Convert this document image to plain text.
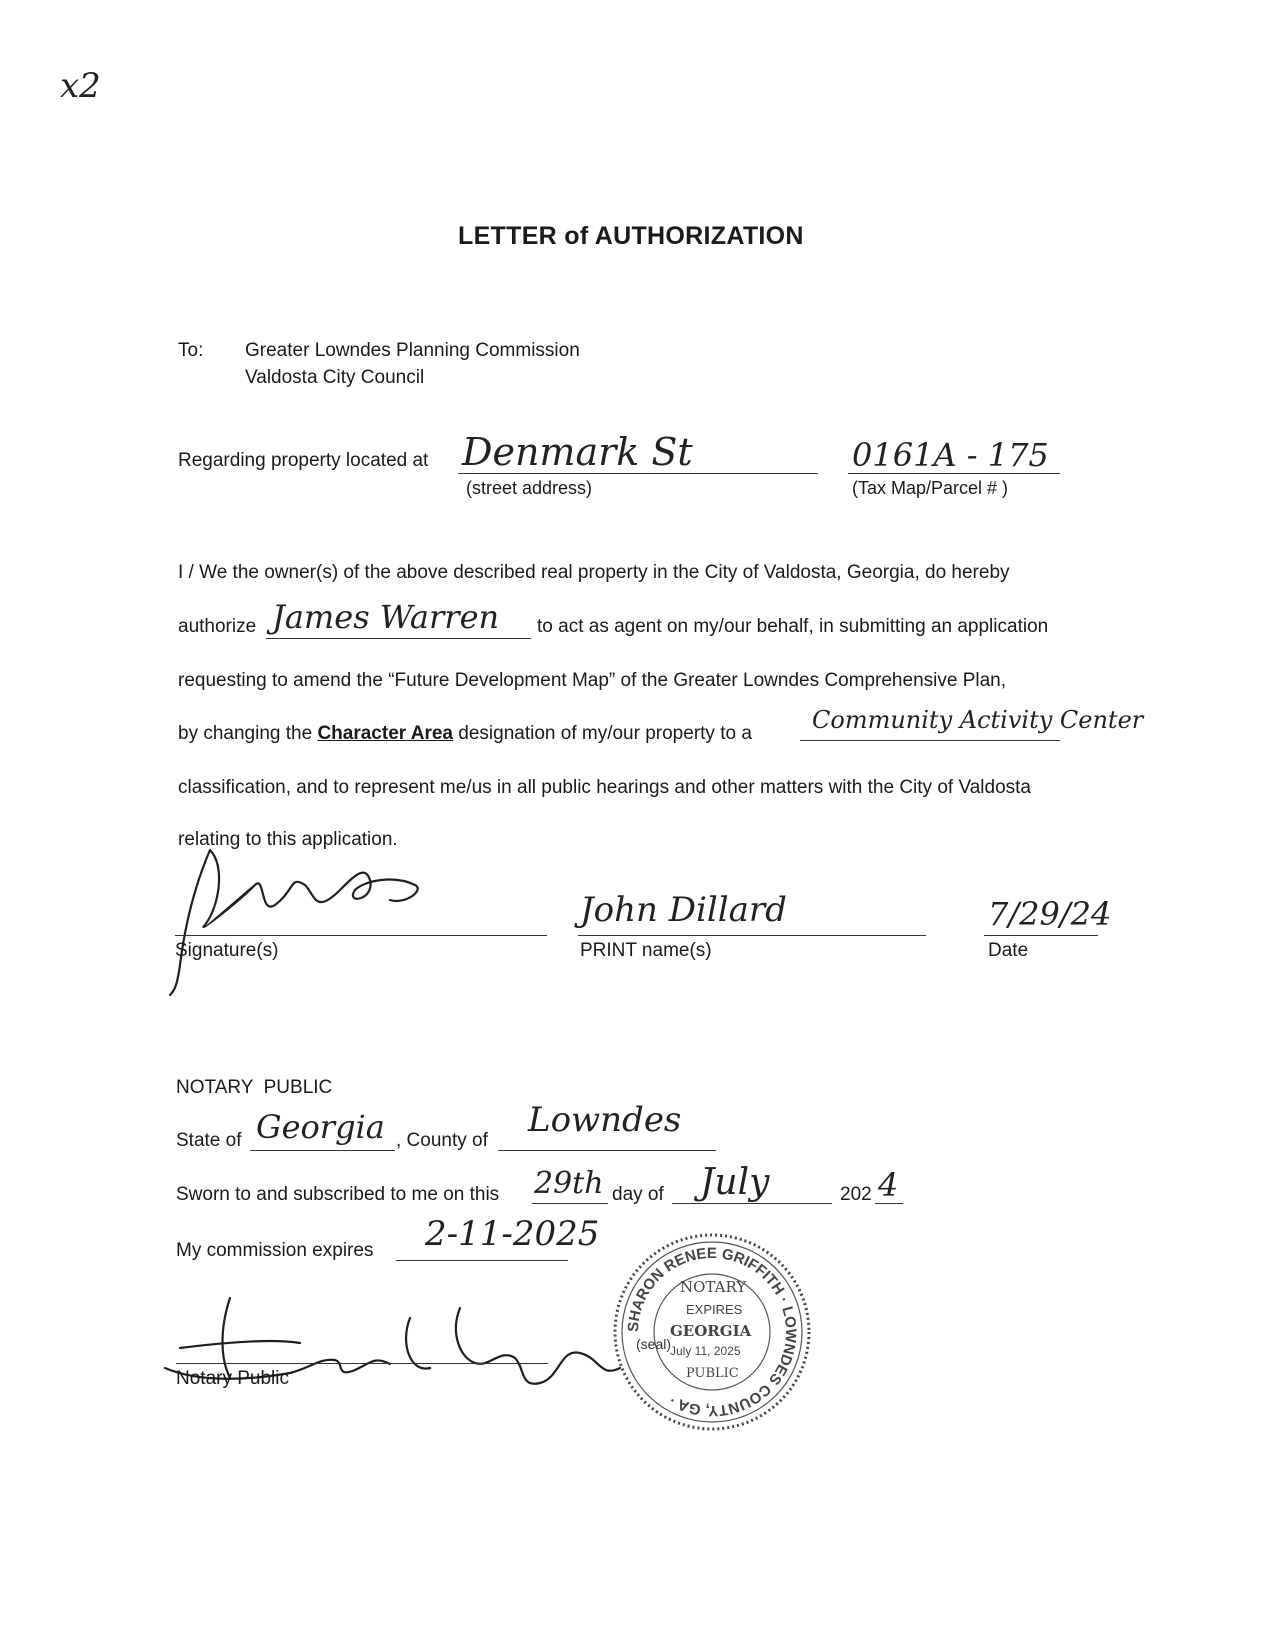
x2
LETTER of AUTHORIZATION
To: Greater Lowndes Planning Commission
Valdosta City Council
Regarding property located at Denmark St
(street address)
0161A - 175
(Tax Map/Parcel # )
I / We the owner(s) of the above described real property in the City of Valdosta, Georgia, do hereby
authorize James Warren to act as agent on my/our behalf, in submitting an application
requesting to amend the “Future Development Map” of the Greater Lowndes Comprehensive Plan,
by changing the Character Area designation of my/our property to a	Community Activity Center
classification, and to represent me/us in all public hearings and other matters with the City of Valdosta
relating to this application.
Signature(s)
John Dillard
PRINT name(s)
7/29/24
Date
NOTARY  PUBLIC
State of Georgia , County of
Lowndes
Sworn to and subscribed to me on this 29th day of July	202 4
My commission expires 2-11-2025
Notary Public
SHARON RENEE GRIFFITH · LOWNDES COUNTY, GA ·
NOTARY
EXPIRES
GEORGIA
July 11, 2025
(seal)
PUBLIC
